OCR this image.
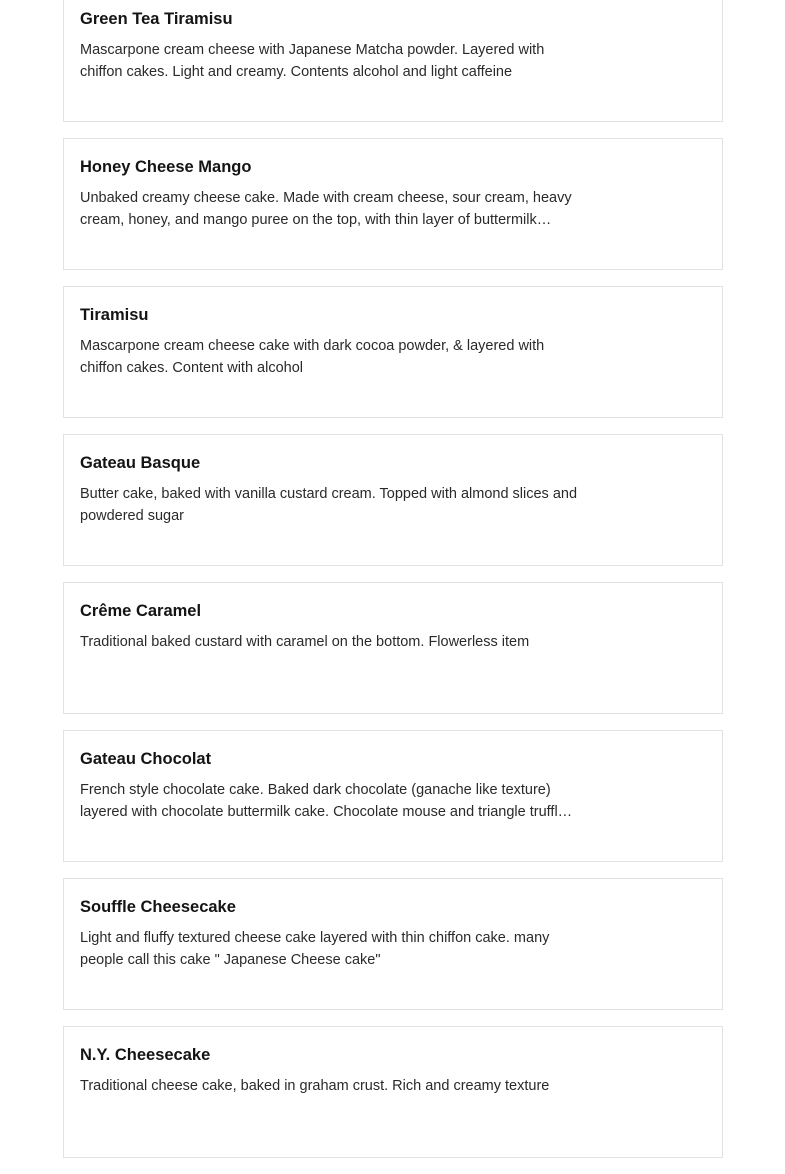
Green Tea Tiramisu

Mascarpone cream cheese with Japanese Matcha powder. Layered with chiffon cakes. Light and creamy. Contents alcohol and light caffeine

Honey Cheese Mango

Unbaked creamy cheese cake. Made with cream cheese, sour cream, heavy cream, honey, and mango puree on the top, with thin layer of buttermilk…

Tiramisu

Mascarpone cream cheese cake with dark cocoa powder, & layered with chiffon cakes. Content with alcohol

Gateau Basque

Butter cake, baked with vanilla custard cream. Topped with almond slices and powdered sugar

Crême Caramel

Traditional baked custard with caramel on the bottom. Flowerless item

Gateau Chocolat

French style chocolate cake. Baked dark chocolate (ganache like texture) layered with chocolate buttermilk cake. Chocolate mouse and triangle truffl…

Souffle Cheesecake

Light and fluffy textured cheese cake layered with thin chiffon cake. many people call this cake " Japanese Cheese cake"

N.Y. Cheesecake

Traditional cheese cake, baked in graham crust. Rich and creamy texture
